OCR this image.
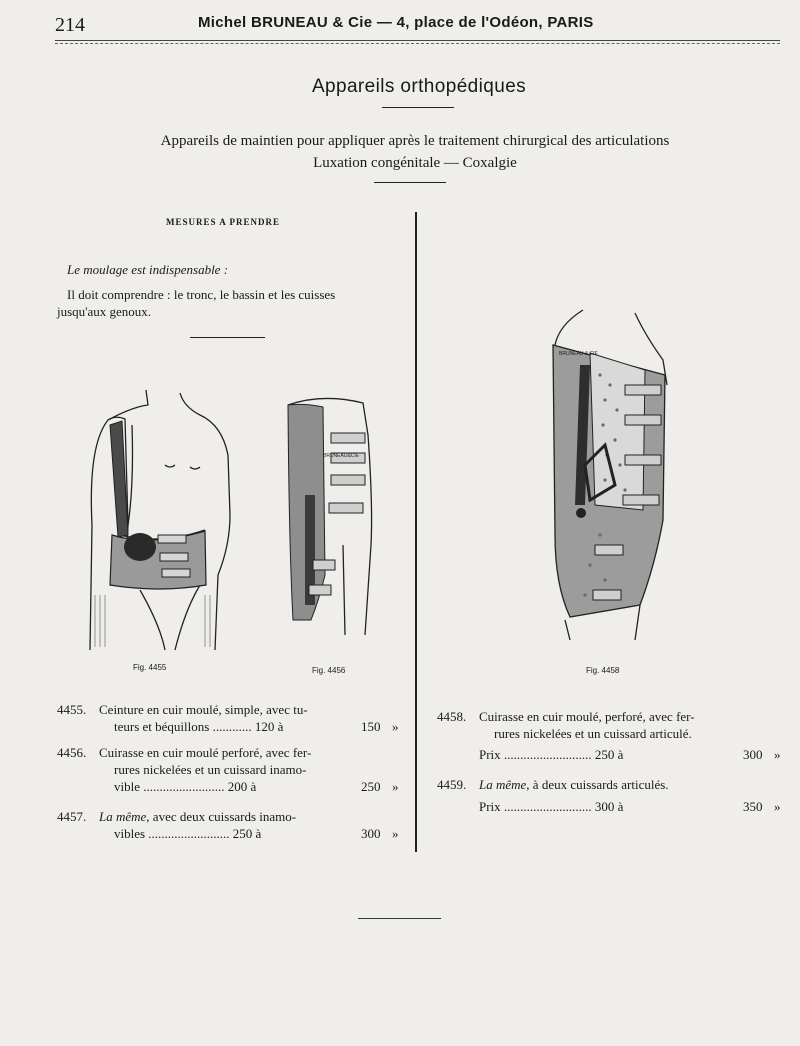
214	Michel BRUNEAU & Cie — 4, place de l'Odéon, PARIS
Appareils orthopédiques
Appareils de maintien pour appliquer après le traitement chirurgical des articulations
Luxation congénitale — Coxalgie
MESURES A PRENDRE
Le moulage est indispensable :
Il doit comprendre : le tronc, le bassin et les cuisses
jusqu'aux genoux.
Fig. 4455
BRUNEAU&CIE
Fig. 4456
BRUNEAU & CIE
Fig. 4458
4455. Ceinture en cuir moulé, simple, avec tu-
teurs et béquillons ............ 120 à	150 »
4456. Cuirasse en cuir moulé perforé, avec fer-
rures nickelées et un cuissard inamo-
vible ......................... 200 à	250 »
4457. La même, avec deux cuissards inamo-
vibles ......................... 250 à	300 »
4458. Cuirasse en cuir moulé, perforé, avec fer-
rures nickelées et un cuissard articulé.
Prix ........................... 250 à	300 »
4459. La même, à deux cuissards articulés.
Prix ........................... 300 à	350 »
